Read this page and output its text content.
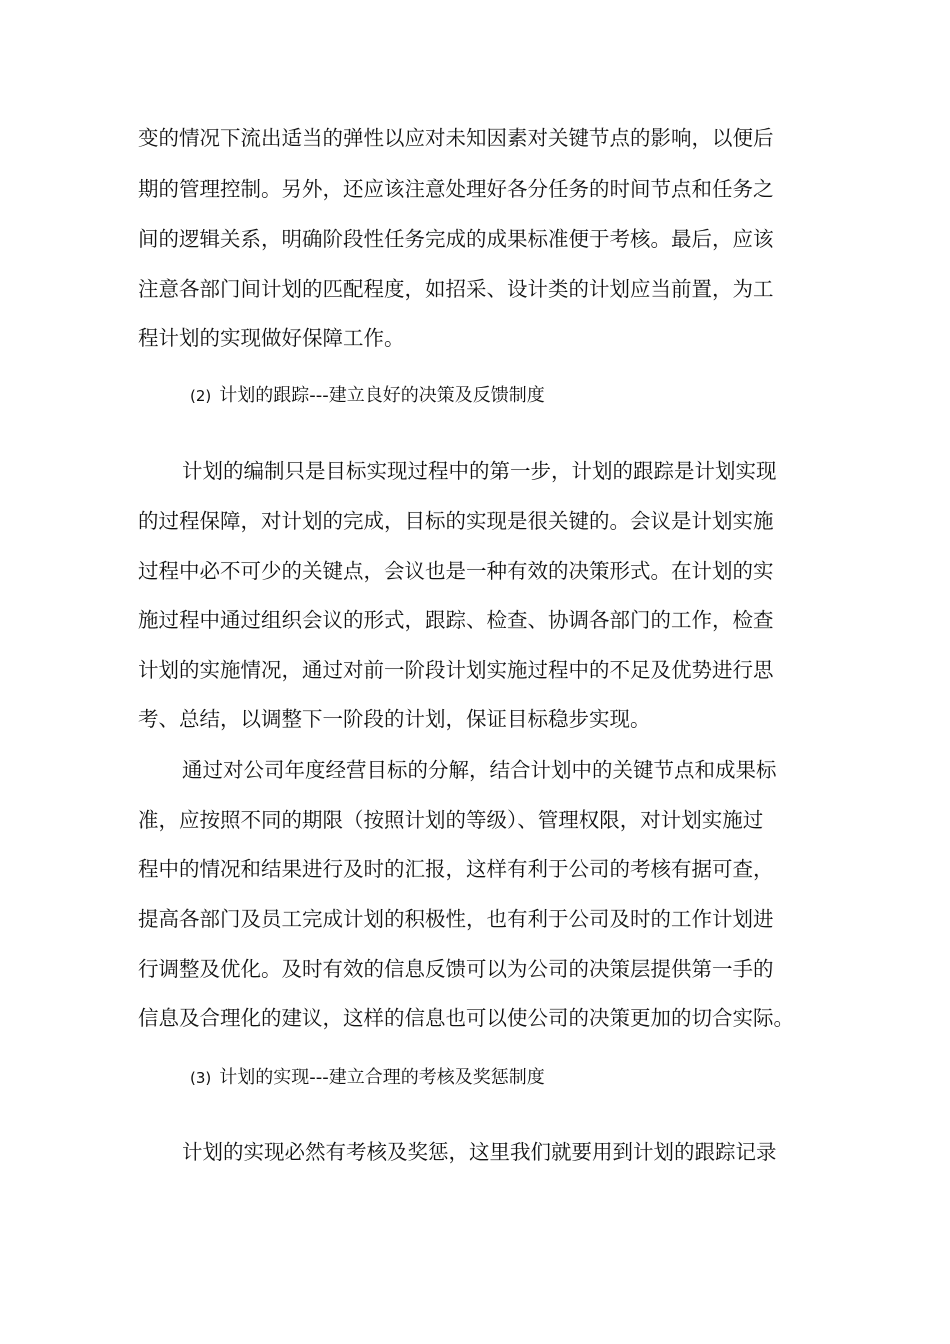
变的情况下流出适当的弹性以应对未知因素对关键节点的影响，以便后
期的管理控制。另外，还应该注意处理好各分任务的时间节点和任务之
间的逻辑关系，明确阶段性任务完成的成果标准便于考核。最后，应该
注意各部门间计划的匹配程度，如招采、设计类的计划应当前置，为工
程计划的实现做好保障工作。
(2) 计划的跟踪---建立良好的决策及反馈制度
计划的编制只是目标实现过程中的第一步，计划的跟踪是计划实现
的过程保障，对计划的完成，目标的实现是很关键的。会议是计划实施
过程中必不可少的关键点，会议也是一种有效的决策形式。在计划的实
施过程中通过组织会议的形式，跟踪、检查、协调各部门的工作，检查
计划的实施情况，通过对前一阶段计划实施过程中的不足及优势进行思
考、总结，以调整下一阶段的计划，保证目标稳步实现。
通过对公司年度经营目标的分解，结合计划中的关键节点和成果标
准，应按照不同的期限（按照计划的等级）、管理权限，对计划实施过
程中的情况和结果进行及时的汇报，这样有利于公司的考核有据可查，
提高各部门及员工完成计划的积极性，也有利于公司及时的工作计划进
行调整及优化。及时有效的信息反馈可以为公司的决策层提供第一手的
信息及合理化的建议，这样的信息也可以使公司的决策更加的切合实际。
(3) 计划的实现---建立合理的考核及奖惩制度
计划的实现必然有考核及奖惩，这里我们就要用到计划的跟踪记录
